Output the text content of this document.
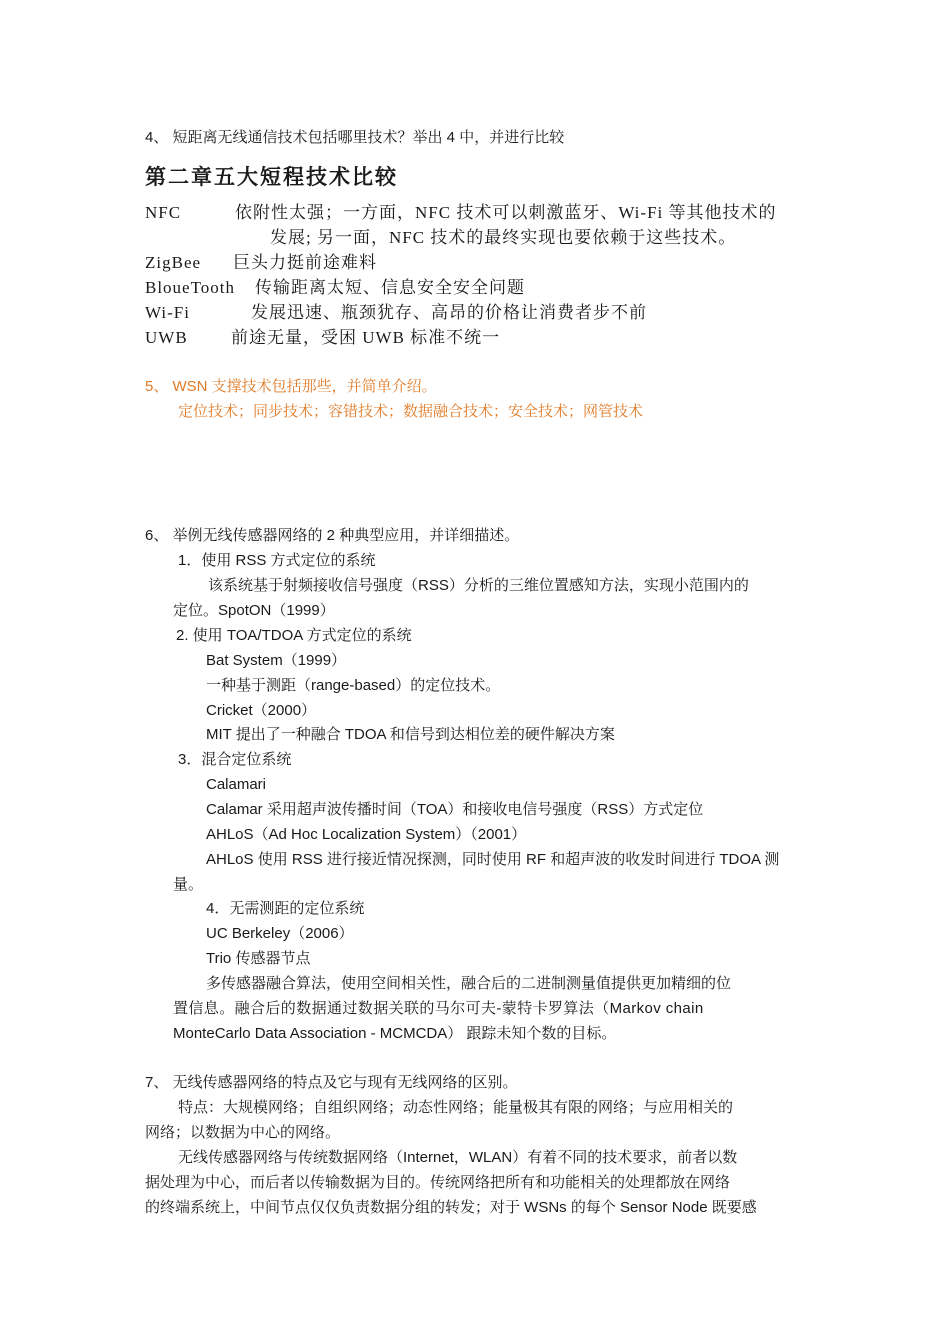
4、 短距离无线通信技术包括哪里技术？举出 4 中，并进行比较
第二章五大短程技术比较
NFC	依附性太强；一方面，NFC 技术可以刺激蓝牙、Wi-Fi 等其他技术的
发展; 另一面，NFC 技术的最终实现也要依赖于这些技术。
ZigBee 巨头力挺前途难料
BloueTooth 传输距离太短、信息安全安全问题
Wi-Fi	发展迅速、瓶颈犹存、高昂的价格让消费者步不前
UWB	前途无量，受困 UWB 标准不统一
5、 WSN 支撑技术包括那些，并简单介绍。
定位技术；同步技术；容错技术；数据融合技术；安全技术；网管技术
6、 举例无线传感器网络的 2 种典型应用，并详细描述。
1．使用 RSS 方式定位的系统
该系统基于射频接收信号强度（RSS）分析的三维位置感知方法，实现小范围内的
定位。SpotON（1999）
2. 使用 TOA/TDOA 方式定位的系统
Bat System（1999）
一种基于测距（range-based）的定位技术。
Cricket（2000）
MIT 提出了一种融合 TDOA 和信号到达相位差的硬件解决方案
3．混合定位系统
Calamari
Calamar 采用超声波传播时间（TOA）和接收电信号强度（RSS）方式定位
AHLoS（Ad Hoc Localization System）（2001）
AHLoS 使用 RSS 进行接近情况探测，同时使用 RF 和超声波的收发时间进行 TDOA 测
量。
4．无需测距的定位系统
UC Berkeley（2006）
Trio 传感器节点
多传感器融合算法，使用空间相关性，融合后的二进制测量值提供更加精细的位
置信息。融合后的数据通过数据关联的马尔可夫-蒙特卡罗算法（Markov chain
MonteCarlo Data Association - MCMCDA） 跟踪未知个数的目标。
7、 无线传感器网络的特点及它与现有无线网络的区别。
特点：大规模网络；自组织网络；动态性网络；能量极其有限的网络；与应用相关的
网络；以数据为中心的网络。
无线传感器网络与传统数据网络（Internet，WLAN）有着不同的技术要求，前者以数
据处理为中心，而后者以传输数据为目的。传统网络把所有和功能相关的处理都放在网络
的终端系统上，中间节点仅仅负责数据分组的转发；对于 WSNs 的每个 Sensor Node 既要感
